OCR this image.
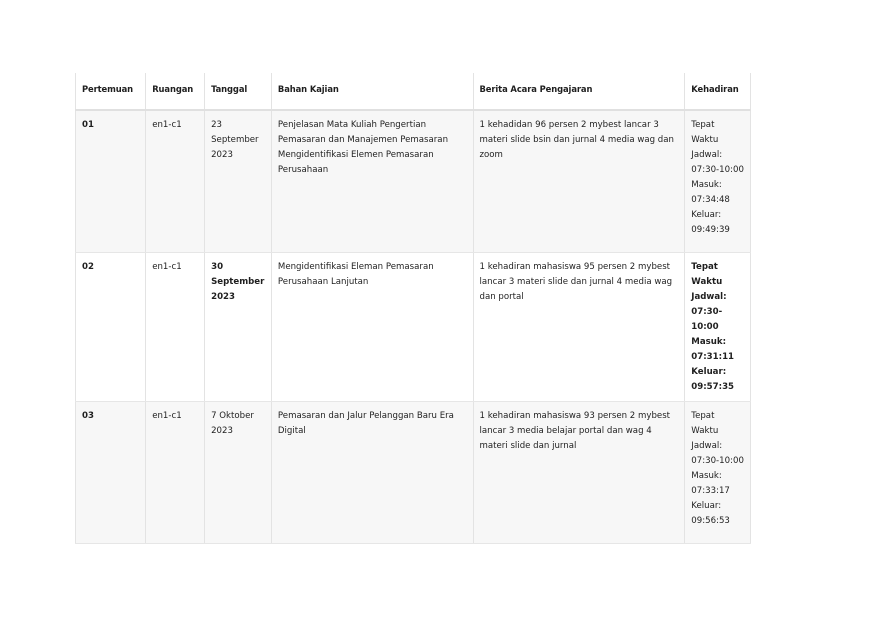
Pertemuan	Ruangan	Tanggal	Bahan Kajian	Berita Acara Pengajaran	Kehadiran
01	en1-c1	23 September 2023	Penjelasan Mata Kuliah Pengertian Pemasaran dan Manajemen Pemasaran Mengidentifikasi Elemen Pemasaran Perusahaan	1 kehadidan 96 persen 2 mybest lancar 3 materi slide bsin dan jurnal 4 media wag dan zoom	Tepat Waktu
Jadwal: 07:30-10:00
Masuk: 07:34:48
Keluar: 09:49:39

02	en1-c1	30 September 2023	Mengidentifikasi Eleman Pemasaran Perusahaan Lanjutan	1 kehadiran mahasiswa 95 persen 2 mybest lancar 3 materi slide dan jurnal 4 media wag dan portal	Tepat Waktu
Jadwal: 07:30-10:00
Masuk: 07:31:11
Keluar: 09:57:35

03	en1-c1	7 Oktober 2023	Pemasaran dan Jalur Pelanggan Baru Era Digital	1 kehadiran mahasiswa 93 persen 2 mybest lancar 3 media belajar portal dan wag 4 materi slide dan jurnal	Tepat Waktu
Jadwal: 07:30-10:00
Masuk: 07:33:17
Keluar: 09:56:53
